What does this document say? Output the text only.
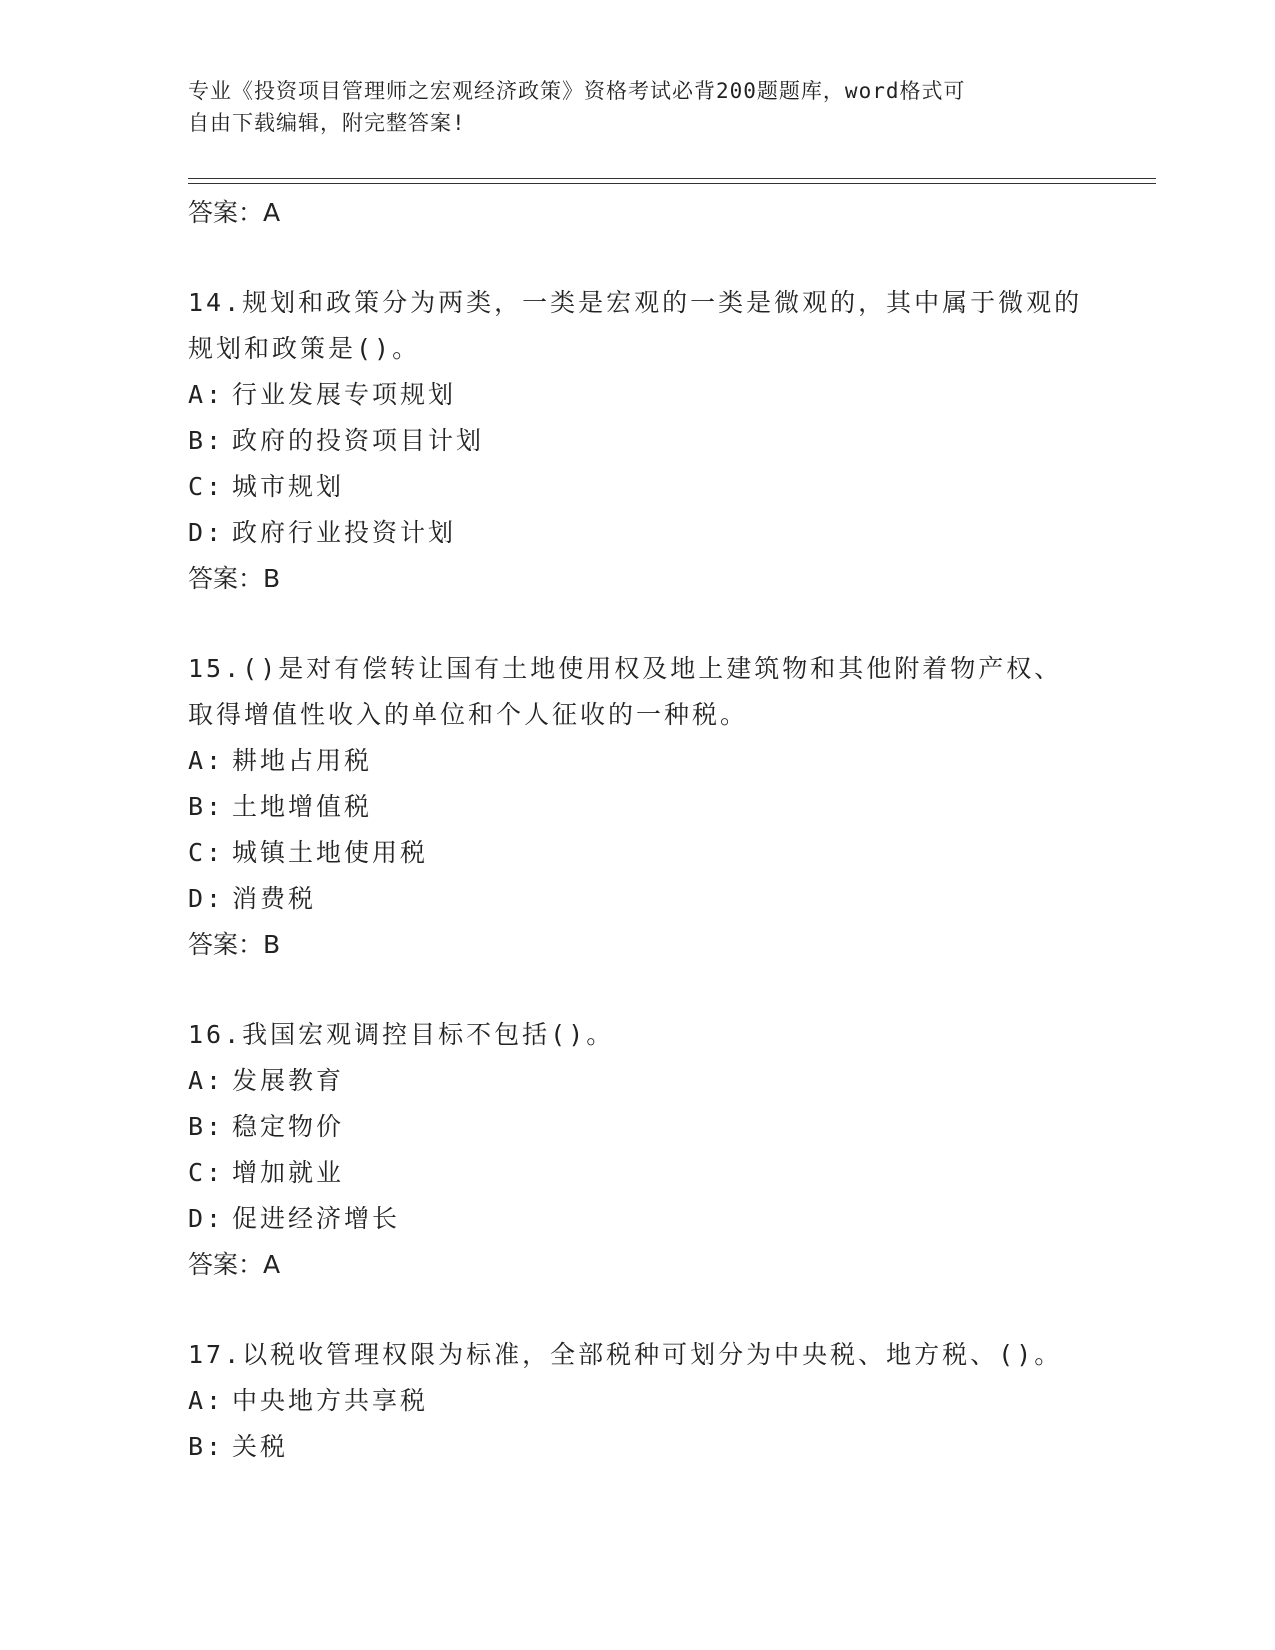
专业《投资项目管理师之宏观经济政策》资格考试必背200题题库，word格式可
自由下载编辑，附完整答案!

答案：A

14.规划和政策分为两类，一类是宏观的一类是微观的，其中属于微观的规划和政策是()。

A: 行业发展专项规划

B: 政府的投资项目计划

C: 城市规划

D: 政府行业投资计划

答案：B

15.()是对有偿转让国有土地使用权及地上建筑物和其他附着物产权、取得增值性收入的单位和个人征收的一种税。

A: 耕地占用税

B: 土地增值税

C: 城镇土地使用税

D: 消费税

答案：B

16.我国宏观调控目标不包括()。

A: 发展教育

B: 稳定物价

C: 增加就业

D: 促进经济增长

答案：A

17.以税收管理权限为标准，全部税种可划分为中央税、地方税、()。

A: 中央地方共享税

B: 关税
